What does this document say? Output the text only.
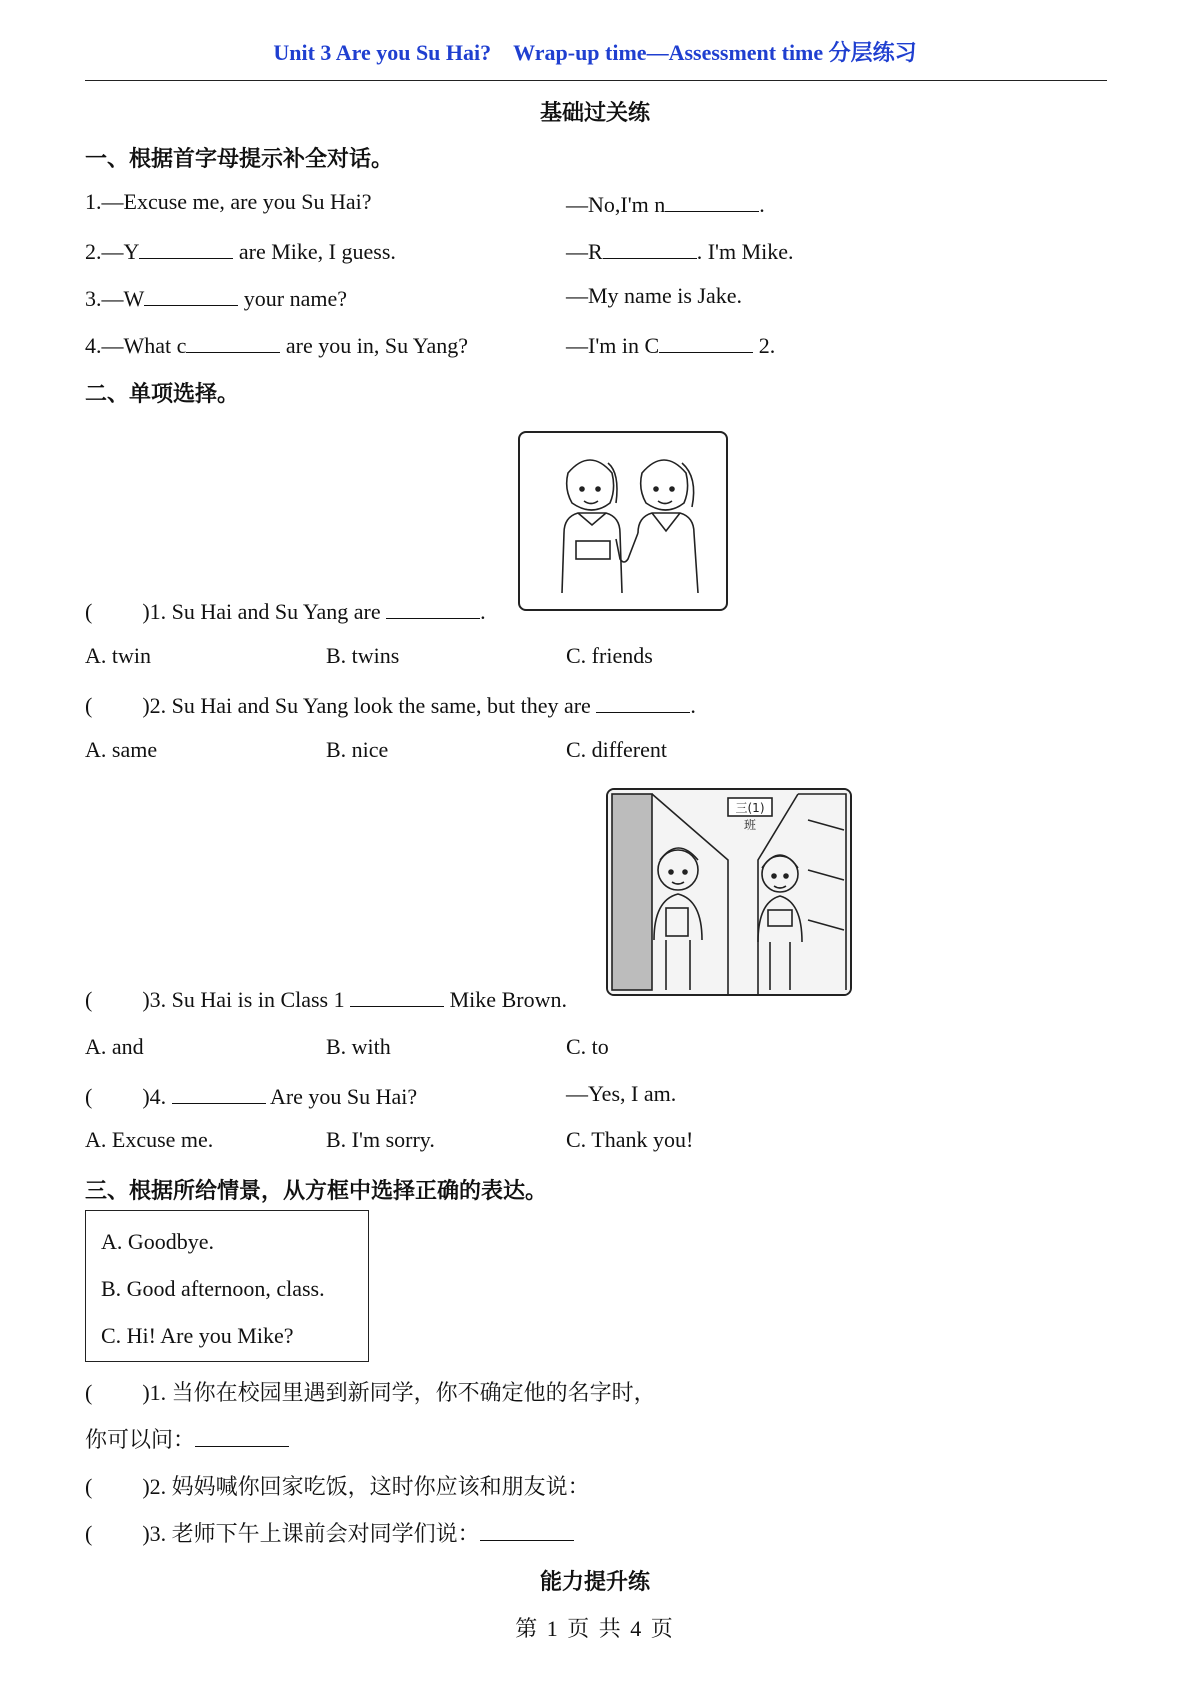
Unit 3 Are you Su Hai?　Wrap-up time—Assessment time 分层练习
基础过关练
一、根据首字母提示补全对话。
1.—Excuse me, are you Su Hai?	—No,I'm n	.
2.—Y	are Mike, I guess.	—R	. I'm Mike.
3.—W	your name?	—My name is Jake.
4.—What c	are you in, Su Yang?	—I'm in C	2.
二、单项选择。
( )1. Su Hai and Su Yang are	.
A. twin	B. twins	C. friends
( )2. Su Hai and Su Yang look the same, but they are	.
A. same	B. nice	C. different
三(1)班
( )3. Su Hai is in Class 1	Mike Brown.
A. and	B. with	C. to
( )4.	Are you Su Hai?	—Yes, I am.
A. Excuse me.	B. I'm sorry.	C. Thank you!
三、根据所给情景，从方框中选择正确的表达。
A. Goodbye.
B. Good afternoon, class.
C. Hi! Are you Mike?
( )1. 当你在校园里遇到新同学，你不确定他的名字时，
你可以问：
( )2. 妈妈喊你回家吃饭，这时你应该和朋友说：
( )3. 老师下午上课前会对同学们说：
能力提升练
第 1 页 共 4 页
